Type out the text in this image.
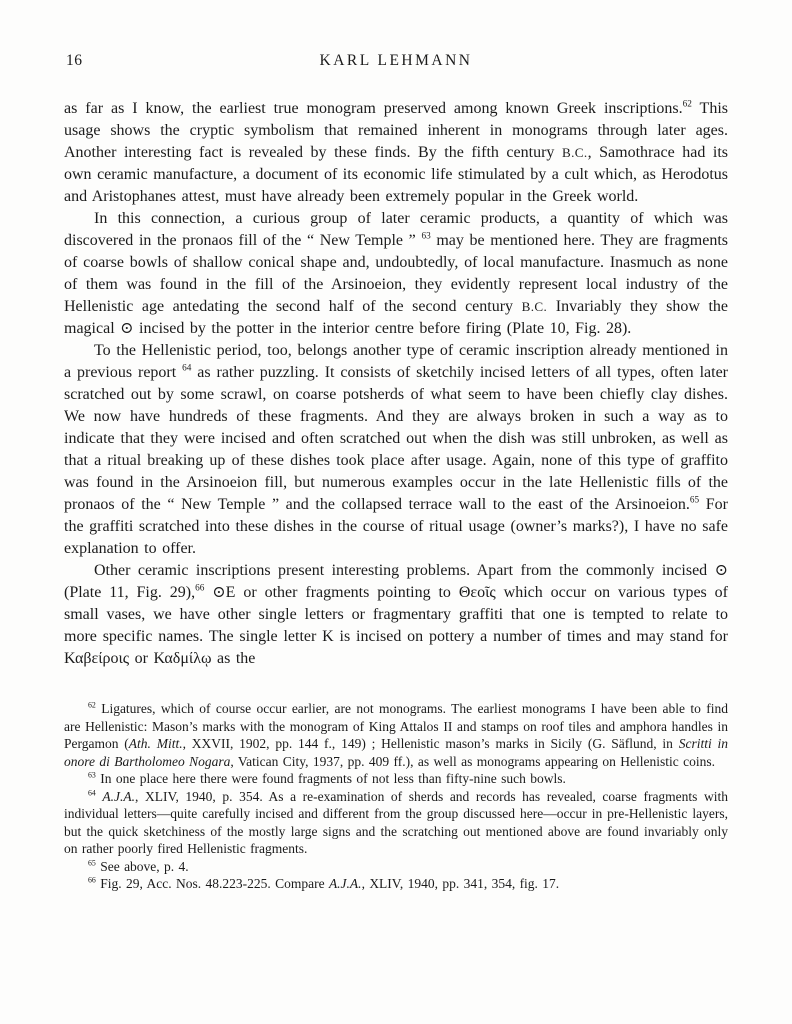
16	KARL LEHMANN

as far as I know, the earliest true monogram preserved among known Greek inscriptions.$^{62}$ This usage shows the cryptic symbolism that remained inherent in monograms through later ages. Another interesting fact is revealed by these finds. By the fifth century B.C., Samothrace had its own ceramic manufacture, a document of its economic life stimulated by a cult which, as Herodotus and Aristophanes attest, must have already been extremely popular in the Greek world.

In this connection, a curious group of later ceramic products, a quantity of which was discovered in the pronaos fill of the “ New Temple ” $^{63}$ may be mentioned here. They are fragments of coarse bowls of shallow conical shape and, undoubtedly, of local manufacture. Inasmuch as none of them was found in the fill of the Arsinoeion, they evidently represent local industry of the Hellenistic age antedating the second half of the second century B.C. Invariably they show the magical ⊙ incised by the potter in the interior centre before firing (Plate 10, Fig. 28).

To the Hellenistic period, too, belongs another type of ceramic inscription already mentioned in a previous report $^{64}$ as rather puzzling. It consists of sketchily incised letters of all types, often later scratched out by some scrawl, on coarse potsherds of what seem to have been chiefly clay dishes. We now have hundreds of these fragments. And they are always broken in such a way as to indicate that they were incised and often scratched out when the dish was still unbroken, as well as that a ritual breaking up of these dishes took place after usage. Again, none of this type of graffito was found in the Arsinoeion fill, but numerous examples occur in the late Hellenistic fills of the pronaos of the “ New Temple ” and the collapsed terrace wall to the east of the Arsinoeion.$^{65}$ For the graffiti scratched into these dishes in the course of ritual usage (owner’s marks?), I have no safe explanation to offer.

Other ceramic inscriptions present interesting problems. Apart from the commonly incised ⊙ (Plate 11, Fig. 29),$^{66}$ ⊙E or other fragments pointing to Θεοῖς which occur on various types of small vases, we have other single letters or fragmentary graffiti that one is tempted to relate to more specific names. The single letter K is incised on pottery a number of times and may stand for Καβείροις or Καδμίλῳ as the

$^{62}$ Ligatures, which of course occur earlier, are not monograms. The earliest monograms I have been able to find are Hellenistic: Mason’s marks with the monogram of King Attalos II and stamps on roof tiles and amphora handles in Pergamon (Ath. Mitt., XXVII, 1902, pp. 144 f., 149) ; Hellenistic mason’s marks in Sicily (G. Säflund, in Scritti in onore di Bartholomeo Nogara, Vatican City, 1937, pp. 409 ff.), as well as monograms appearing on Hellenistic coins.

$^{63}$ In one place here there were found fragments of not less than fifty-nine such bowls.

$^{64}$ A.J.A., XLIV, 1940, p. 354. As a re-examination of sherds and records has revealed, coarse fragments with individual letters—quite carefully incised and different from the group discussed here—occur in pre-Hellenistic layers, but the quick sketchiness of the mostly large signs and the scratching out mentioned above are found invariably only on rather poorly fired Hellenistic fragments.

$^{65}$ See above, p. 4.

$^{66}$ Fig. 29, Acc. Nos. 48.223-225. Compare A.J.A., XLIV, 1940, pp. 341, 354, fig. 17.
